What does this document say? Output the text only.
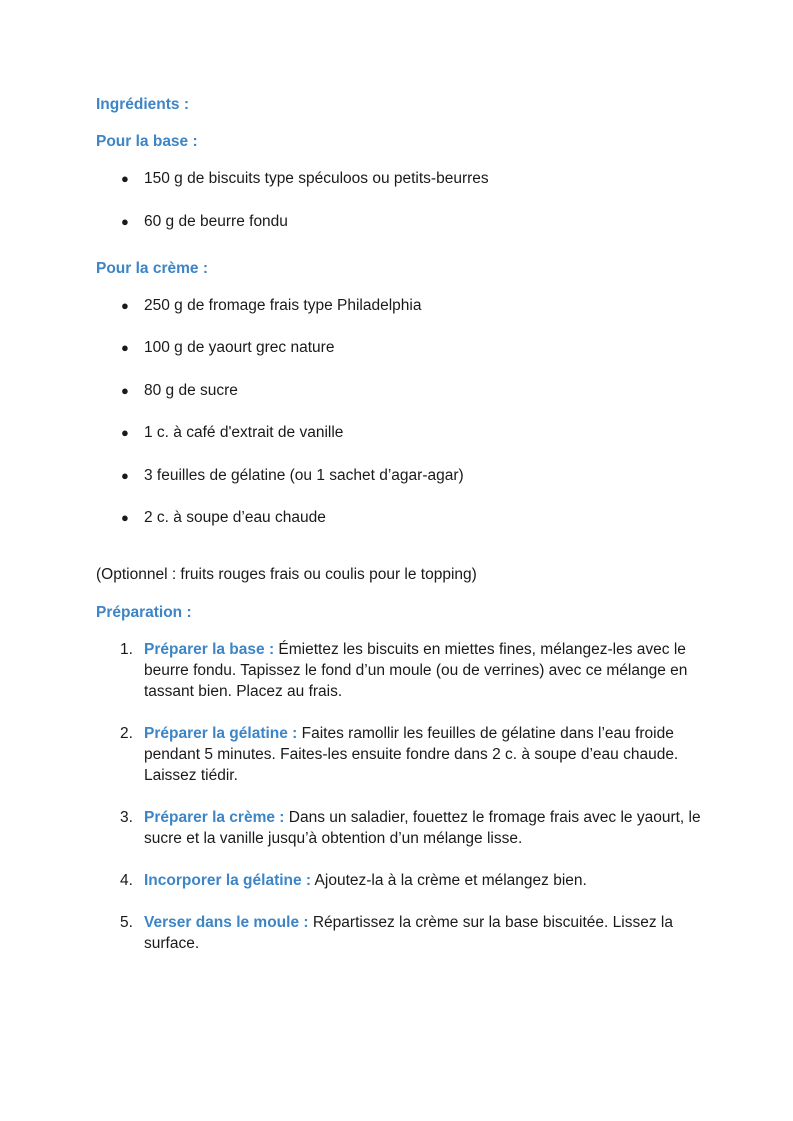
Ingrédients :

Pour la base :

● 150 g de biscuits type spéculoos ou petits-beurres
● 60 g de beurre fondu

Pour la crème :

● 250 g de fromage frais type Philadelphia
● 100 g de yaourt grec nature
● 80 g de sucre
● 1 c. à café d'extrait de vanille
● 3 feuilles de gélatine (ou 1 sachet d’agar-agar)
● 2 c. à soupe d’eau chaude

(Optionnel : fruits rouges frais ou coulis pour le topping)

Préparation :

1. Préparer la base : Émiettez les biscuits en miettes fines, mélangez-les avec le beurre fondu. Tapissez le fond d’un moule (ou de verrines) avec ce mélange en tassant bien. Placez au frais.
2. Préparer la gélatine : Faites ramollir les feuilles de gélatine dans l’eau froide pendant 5 minutes. Faites-les ensuite fondre dans 2 c. à soupe d’eau chaude. Laissez tiédir.
3. Préparer la crème : Dans un saladier, fouettez le fromage frais avec le yaourt, le sucre et la vanille jusqu’à obtention d’un mélange lisse.
4. Incorporer la gélatine : Ajoutez-la à la crème et mélangez bien.
5. Verser dans le moule : Répartissez la crème sur la base biscuitée. Lissez la surface.
